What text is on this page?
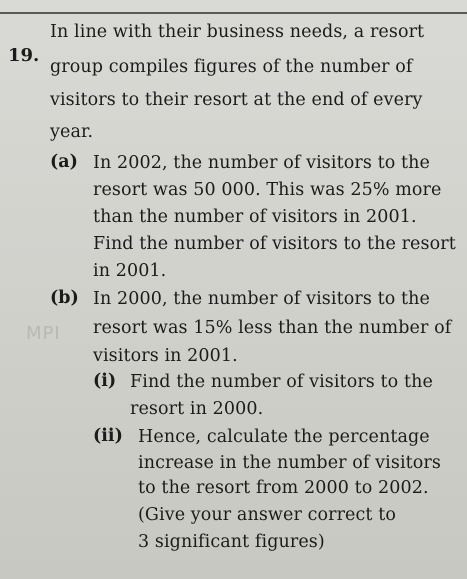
19.
In line with their business needs, a resort
group compiles figures of the number of
visitors to their resort at the end of every
year.
(a) In 2002, the number of visitors to the
resort was 50 000. This was 25% more
than the number of visitors in 2001.
Find the number of visitors to the resort
in 2001.
(b) In 2000, the number of visitors to the
resort was 15% less than the number of
visitors in 2001.
MPI
(i) Find the number of visitors to the
resort in 2000.
(ii) Hence, calculate the percentage
increase in the number of visitors
to the resort from 2000 to 2002.
(Give your answer correct to
3 significant figures)
